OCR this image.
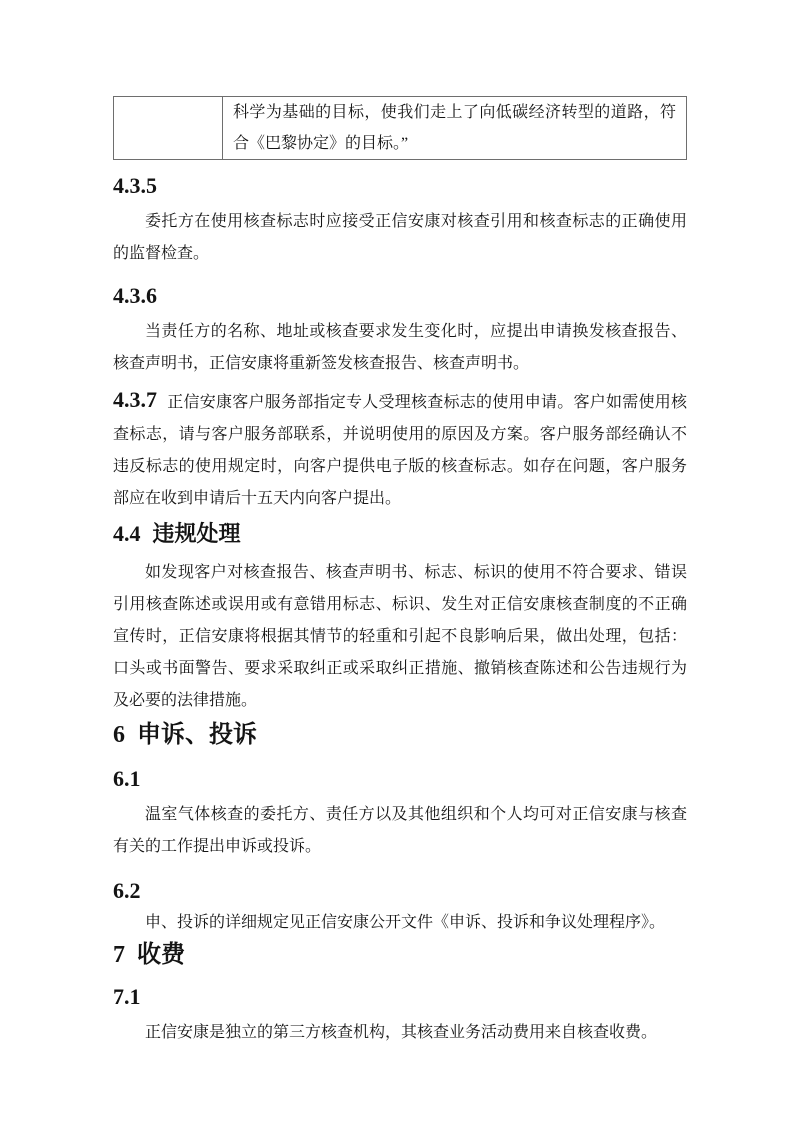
	科学为基础的目标，使我们走上了向低碳经济转型的道路，符合《巴黎协定》的目标。”
4.3.5

委托方在使用核查标志时应接受正信安康对核查引用和核查标志的正确使用的监督检查。

4.3.6

当责任方的名称、地址或核查要求发生变化时，应提出申请换发核查报告、核查声明书，正信安康将重新签发核查报告、核查声明书。

4.3.7 正信安康客户服务部指定专人受理核查标志的使用申请。客户如需使用核查标志，请与客户服务部联系，并说明使用的原因及方案。客户服务部经确认不违反标志的使用规定时，向客户提供电子版的核查标志。如存在问题，客户服务部应在收到申请后十五天内向客户提出。

4.4 违规处理

如发现客户对核查报告、核查声明书、标志、标识的使用不符合要求、错误引用核查陈述或误用或有意错用标志、标识、发生对正信安康核查制度的不正确宣传时，正信安康将根据其情节的轻重和引起不良影响后果，做出处理，包括：口头或书面警告、要求采取纠正或采取纠正措施、撤销核查陈述和公告违规行为及必要的法律措施。

6 申诉、投诉
6.1

温室气体核查的委托方、责任方以及其他组织和个人均可对正信安康与核查有关的工作提出申诉或投诉。

6.2

申、投诉的详细规定见正信安康公开文件《申诉、投诉和争议处理程序》。

7 收费
7.1

正信安康是独立的第三方核查机构，其核查业务活动费用来自核查收费。
